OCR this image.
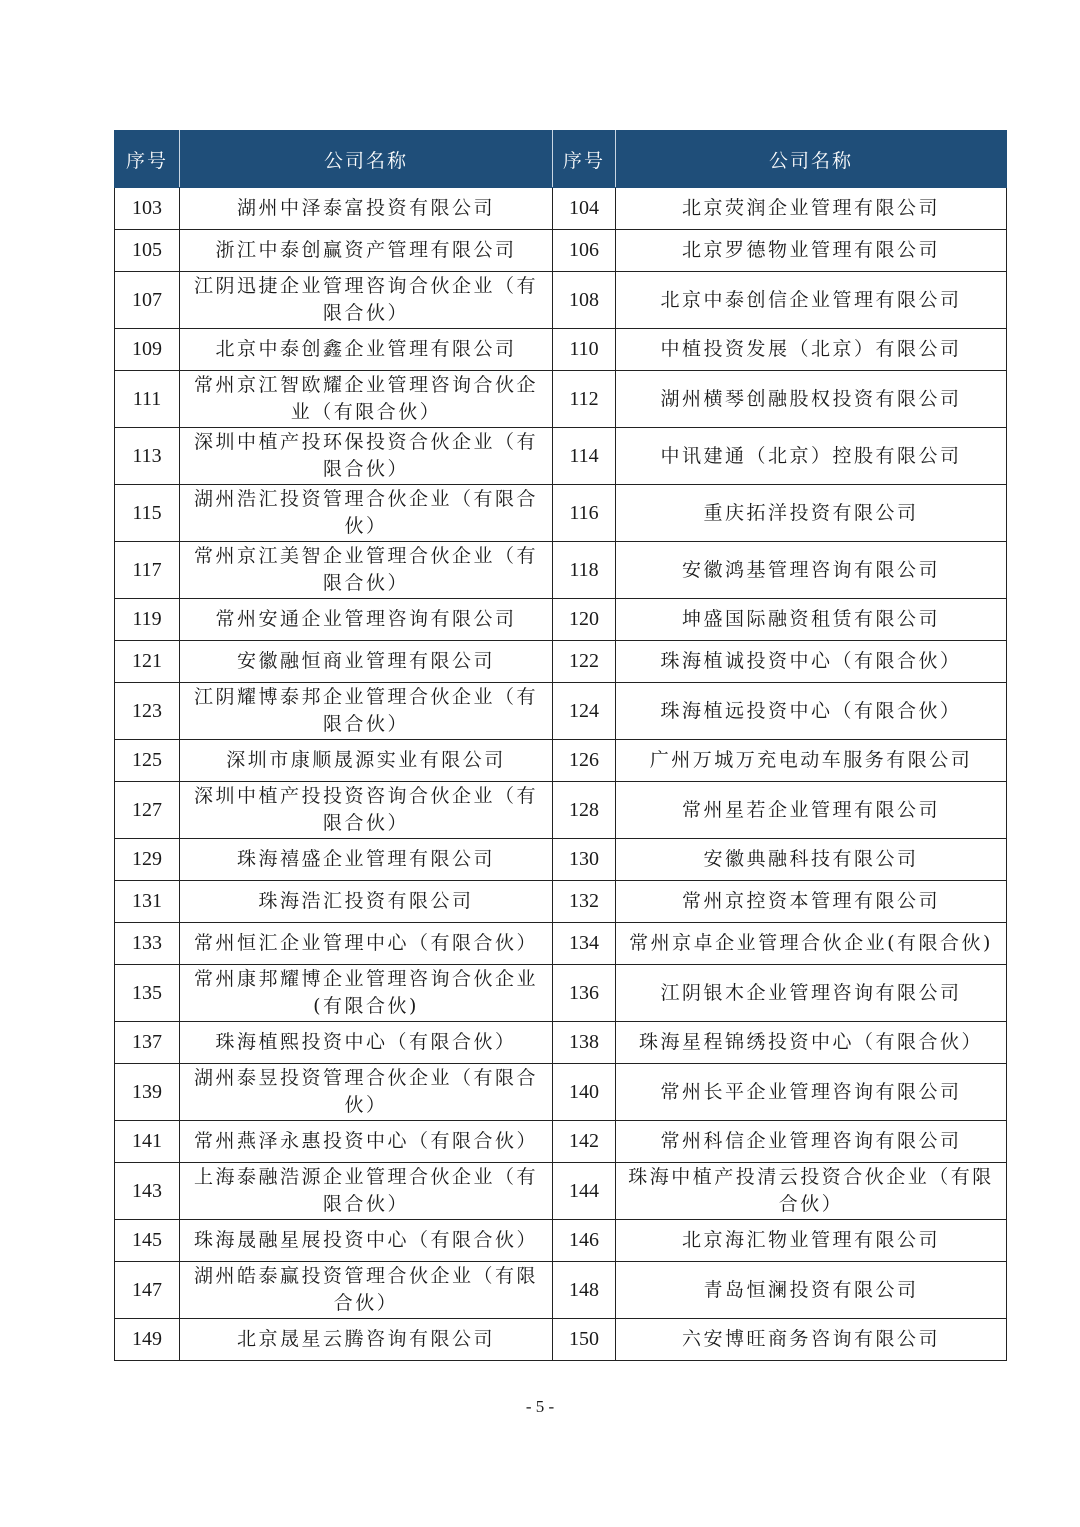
序号	公司名称	序号	公司名称
103	湖州中泽泰富投资有限公司	104	北京荧润企业管理有限公司
105	浙江中泰创赢资产管理有限公司	106	北京罗德物业管理有限公司
107	江阴迅捷企业管理咨询合伙企业（有限合伙）	108	北京中泰创信企业管理有限公司
109	北京中泰创鑫企业管理有限公司	110	中植投资发展（北京）有限公司
111	常州京江智欧耀企业管理咨询合伙企业（有限合伙）	112	湖州横琴创融股权投资有限公司
113	深圳中植产投环保投资合伙企业（有限合伙）	114	中讯建通（北京）控股有限公司
115	湖州浩汇投资管理合伙企业（有限合伙）	116	重庆拓洋投资有限公司
117	常州京江美智企业管理合伙企业（有限合伙）	118	安徽鸿基管理咨询有限公司
119	常州安通企业管理咨询有限公司	120	坤盛国际融资租赁有限公司
121	安徽融恒商业管理有限公司	122	珠海植诚投资中心（有限合伙）
123	江阴耀博泰邦企业管理合伙企业（有限合伙）	124	珠海植远投资中心（有限合伙）
125	深圳市康顺晟源实业有限公司	126	广州万城万充电动车服务有限公司
127	深圳中植产投投资咨询合伙企业（有限合伙）	128	常州星若企业管理有限公司
129	珠海禧盛企业管理有限公司	130	安徽典融科技有限公司
131	珠海浩汇投资有限公司	132	常州京控资本管理有限公司
133	常州恒汇企业管理中心（有限合伙）	134	常州京卓企业管理合伙企业(有限合伙)
135	常州康邦耀博企业管理咨询合伙企业(有限合伙)	136	江阴银木企业管理咨询有限公司
137	珠海植熙投资中心（有限合伙）	138	珠海星程锦绣投资中心（有限合伙）
139	湖州泰昱投资管理合伙企业（有限合伙）	140	常州长平企业管理咨询有限公司
141	常州燕泽永惠投资中心（有限合伙）	142	常州科信企业管理咨询有限公司
143	上海泰融浩源企业管理合伙企业（有限合伙）	144	珠海中植产投清云投资合伙企业（有限合伙）
145	珠海晟融星展投资中心（有限合伙）	146	北京海汇物业管理有限公司
147	湖州皓泰赢投资管理合伙企业（有限合伙）	148	青岛恒澜投资有限公司
149	北京晟星云腾咨询有限公司	150	六安博旺商务咨询有限公司
- 5 -
